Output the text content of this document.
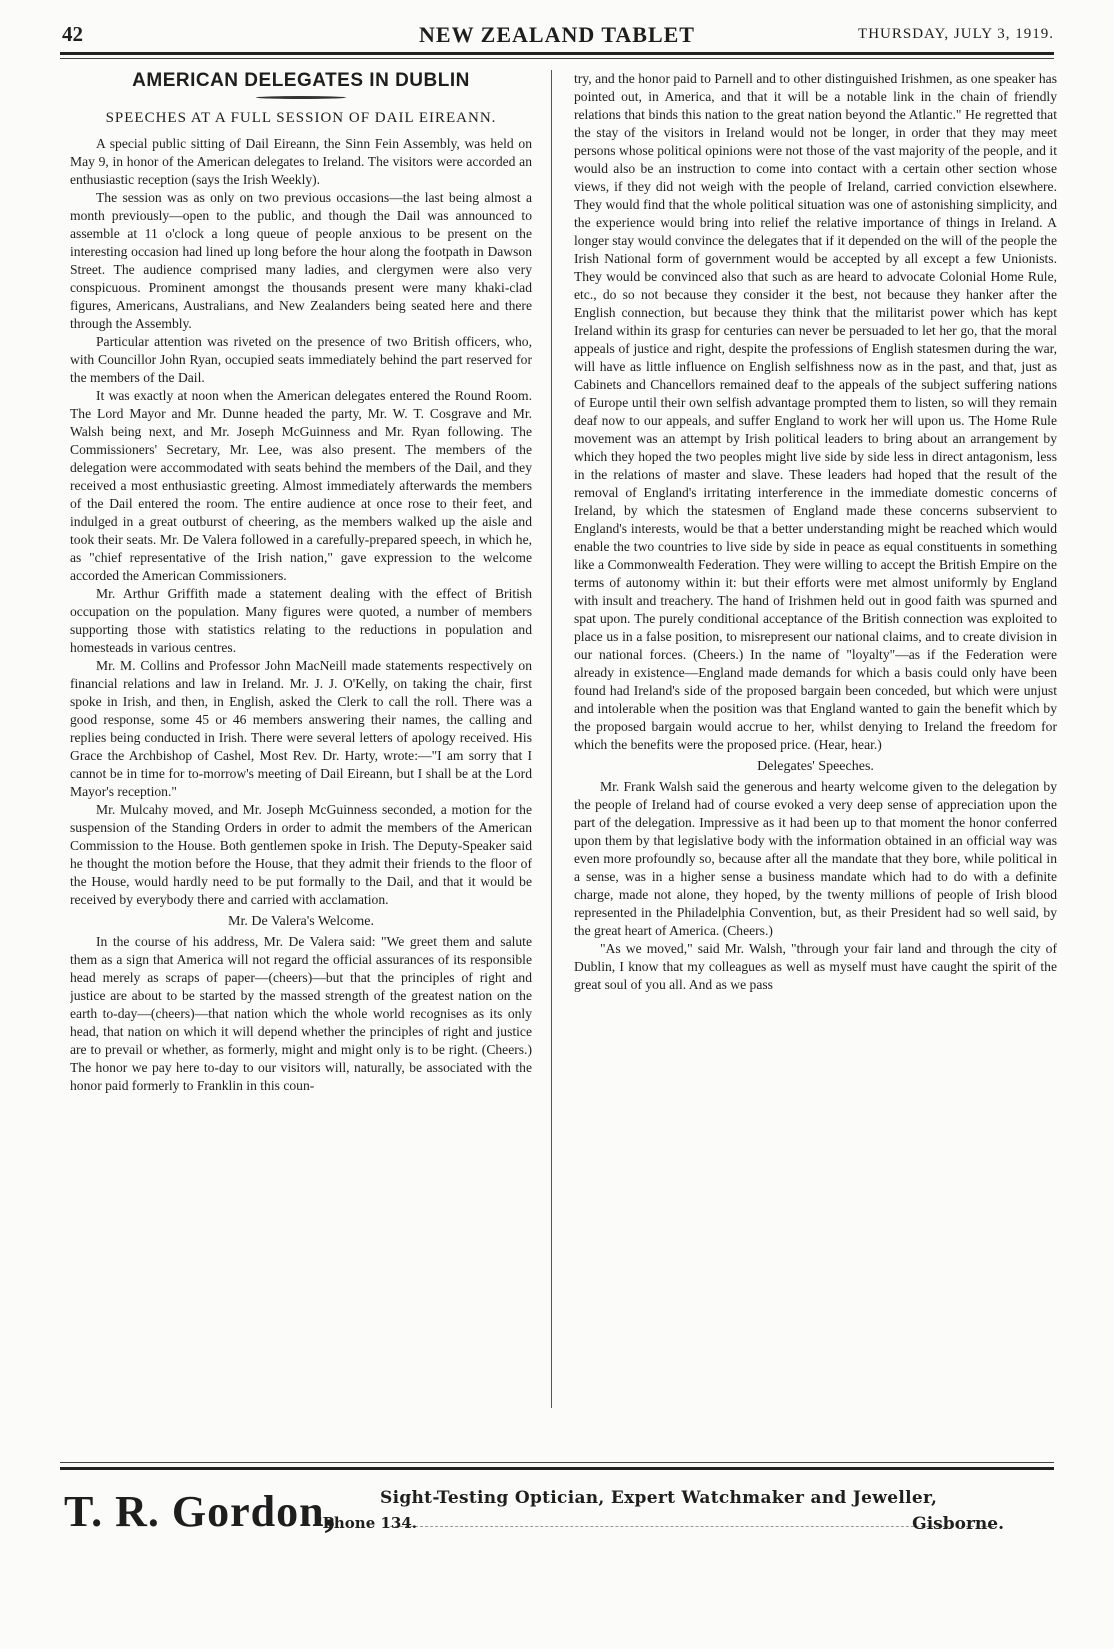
42	NEW ZEALAND TABLET	THURSDAY, JULY 3, 1919.
AMERICAN DELEGATES IN DUBLIN
SPEECHES AT A FULL SESSION OF DAIL EIREANN.

A special public sitting of Dail Eireann, the Sinn Fein Assembly, was held on May 9, in honor of the American delegates to Ireland. The visitors were accorded an enthusiastic reception (says the Irish Weekly).

The session was as only on two previous occasions—the last being almost a month previously—open to the public, and though the Dail was announced to assemble at 11 o'clock a long queue of people anxious to be present on the interesting occasion had lined up long before the hour along the footpath in Dawson Street. The audience comprised many ladies, and clergymen were also very conspicuous. Prominent amongst the thousands present were many khaki-clad figures, Americans, Australians, and New Zealanders being seated here and there through the Assembly.

Particular attention was riveted on the presence of two British officers, who, with Councillor John Ryan, occupied seats immediately behind the part reserved for the members of the Dail.

It was exactly at noon when the American delegates entered the Round Room. The Lord Mayor and Mr. Dunne headed the party, Mr. W. T. Cosgrave and Mr. Walsh being next, and Mr. Joseph McGuinness and Mr. Ryan following. The Commissioners' Secretary, Mr. Lee, was also present. The members of the delegation were accommodated with seats behind the members of the Dail, and they received a most enthusiastic greeting. Almost immediately afterwards the members of the Dail entered the room. The entire audience at once rose to their feet, and indulged in a great outburst of cheering, as the members walked up the aisle and took their seats. Mr. De Valera followed in a carefully-prepared speech, in which he, as "chief representative of the Irish nation," gave expression to the welcome accorded the American Commissioners.

Mr. Arthur Griffith made a statement dealing with the effect of British occupation on the population. Many figures were quoted, a number of members supporting those with statistics relating to the reductions in population and homesteads in various centres.

Mr. M. Collins and Professor John MacNeill made statements respectively on financial relations and law in Ireland. Mr. J. J. O'Kelly, on taking the chair, first spoke in Irish, and then, in English, asked the Clerk to call the roll. There was a good response, some 45 or 46 members answering their names, the calling and replies being conducted in Irish. There were several letters of apology received. His Grace the Archbishop of Cashel, Most Rev. Dr. Harty, wrote:—"I am sorry that I cannot be in time for to-morrow's meeting of Dail Eireann, but I shall be at the Lord Mayor's reception."

Mr. Mulcahy moved, and Mr. Joseph McGuinness seconded, a motion for the suspension of the Standing Orders in order to admit the members of the American Commission to the House. Both gentlemen spoke in Irish. The Deputy-Speaker said he thought the motion before the House, that they admit their friends to the floor of the House, would hardly need to be put formally to the Dail, and that it would be received by everybody there and carried with acclamation.

Mr. De Valera's Welcome.

In the course of his address, Mr. De Valera said: "We greet them and salute them as a sign that America will not regard the official assurances of its responsible head merely as scraps of paper—(cheers)—but that the principles of right and justice are about to be started by the massed strength of the greatest nation on the earth to-day—(cheers)—that nation which the whole world recognises as its only head, that nation on which it will depend whether the principles of right and justice are to prevail or whether, as formerly, might and might only is to be right. (Cheers.) The honor we pay here to-day to our visitors will, naturally, be associated with the honor paid formerly to Franklin in this coun-

try, and the honor paid to Parnell and to other distinguished Irishmen, as one speaker has pointed out, in America, and that it will be a notable link in the chain of friendly relations that binds this nation to the great nation beyond the Atlantic." He regretted that the stay of the visitors in Ireland would not be longer, in order that they may meet persons whose political opinions were not those of the vast majority of the people, and it would also be an instruction to come into contact with a certain other section whose views, if they did not weigh with the people of Ireland, carried conviction elsewhere. They would find that the whole political situation was one of astonishing simplicity, and the experience would bring into relief the relative importance of things in Ireland. A longer stay would convince the delegates that if it depended on the will of the people the Irish National form of government would be accepted by all except a few Unionists. They would be convinced also that such as are heard to advocate Colonial Home Rule, etc., do so not because they consider it the best, not because they hanker after the English connection, but because they think that the militarist power which has kept Ireland within its grasp for centuries can never be persuaded to let her go, that the moral appeals of justice and right, despite the professions of English statesmen during the war, will have as little influence on English selfishness now as in the past, and that, just as Cabinets and Chancellors remained deaf to the appeals of the subject suffering nations of Europe until their own selfish advantage prompted them to listen, so will they remain deaf now to our appeals, and suffer England to work her will upon us. The Home Rule movement was an attempt by Irish political leaders to bring about an arrangement by which they hoped the two peoples might live side by side less in direct antagonism, less in the relations of master and slave. These leaders had hoped that the result of the removal of England's irritating interference in the immediate domestic concerns of Ireland, by which the statesmen of England made these concerns subservient to England's interests, would be that a better understanding might be reached which would enable the two countries to live side by side in peace as equal constituents in something like a Commonwealth Federation. They were willing to accept the British Empire on the terms of autonomy within it: but their efforts were met almost uniformly by England with insult and treachery. The hand of Irishmen held out in good faith was spurned and spat upon. The purely conditional acceptance of the British connection was exploited to place us in a false position, to misrepresent our national claims, and to create division in our national forces. (Cheers.) In the name of "loyalty"—as if the Federation were already in existence—England made demands for which a basis could only have been found had Ireland's side of the proposed bargain been conceded, but which were unjust and intolerable when the position was that England wanted to gain the benefit which by the proposed bargain would accrue to her, whilst denying to Ireland the freedom for which the benefits were the proposed price. (Hear, hear.)

Delegates' Speeches.

Mr. Frank Walsh said the generous and hearty welcome given to the delegation by the people of Ireland had of course evoked a very deep sense of appreciation upon the part of the delegation. Impressive as it had been up to that moment the honor conferred upon them by that legislative body with the information obtained in an official way was even more profoundly so, because after all the mandate that they bore, while political in a sense, was in a higher sense a business mandate which had to do with a definite charge, made not alone, they hoped, by the twenty millions of people of Irish blood represented in the Philadelphia Convention, but, as their President had so well said, by the great heart of America. (Cheers.)

"As we moved," said Mr. Walsh, "through your fair land and through the city of Dublin, I know that my colleagues as well as myself must have caught the spirit of the great soul of you all. And as we pass

T. R. Gordon,	Sight-Testing Optician, Expert Watchmaker and Jeweller,
'Phone 134.	Gisborne.
